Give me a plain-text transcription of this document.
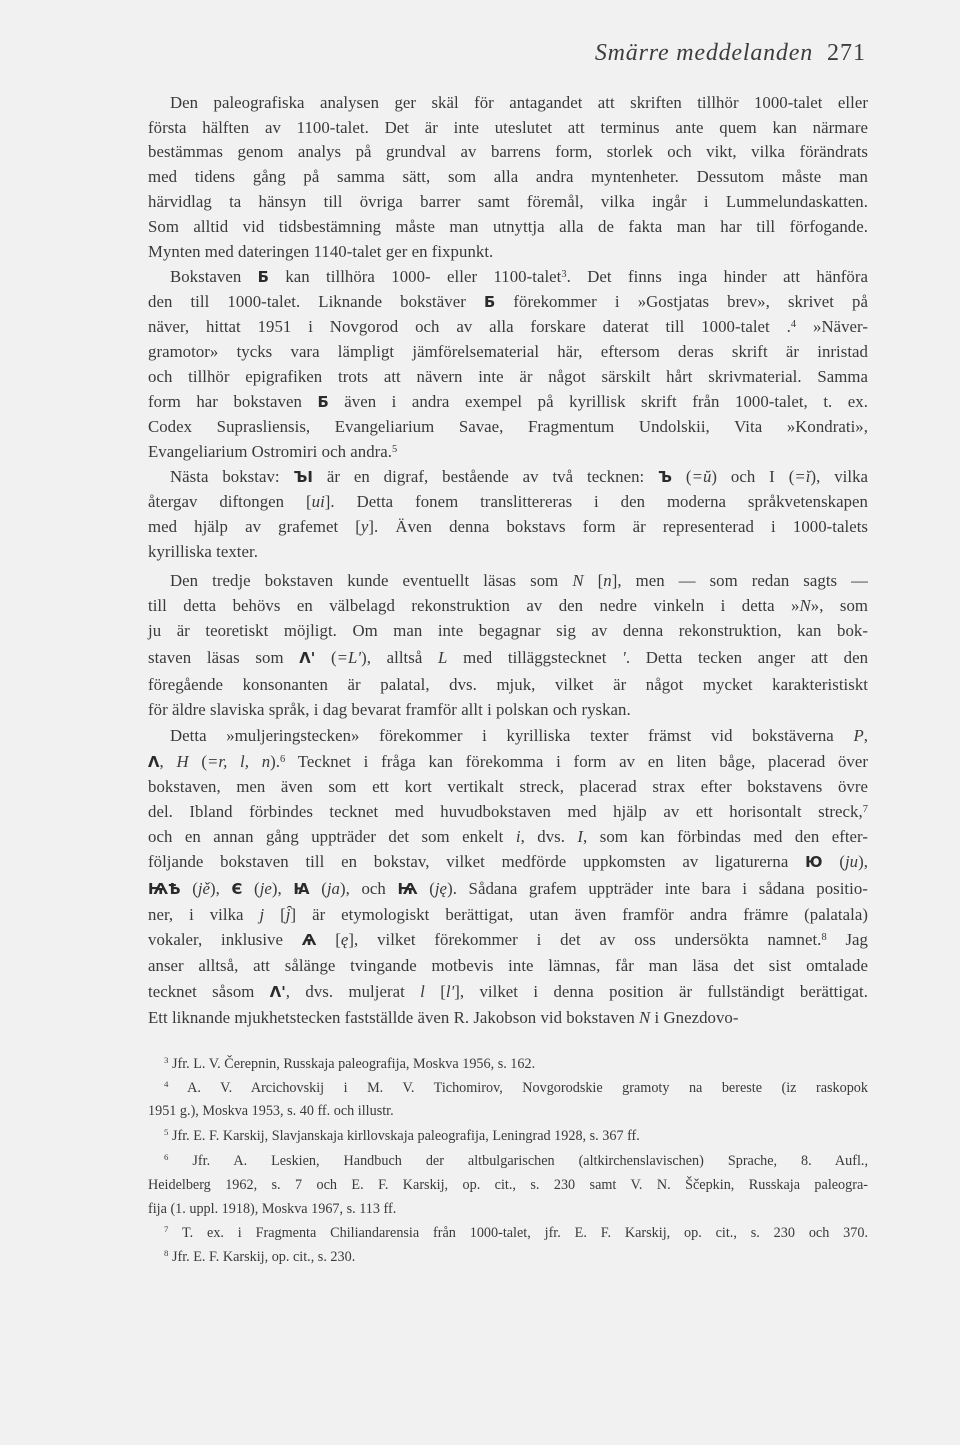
Smärre meddelanden 271
Den paleografiska analysen ger skäl för antagandet att skriften tillhör 1000-talet eller
första hälften av 1100-talet. Det är inte uteslutet att terminus ante quem kan närmare
bestämmas genom analys på grundval av barrens form, storlek och vikt, vilka förändrats
med tidens gång på samma sätt, som alla andra myntenheter. Dessutom måste man
härvidlag ta hänsyn till övriga barrer samt föremål, vilka ingår i Lummelundaskatten.
Som alltid vid tidsbestämning måste man utnyttja alla de fakta man har till förfogande.
Mynten med dateringen 1140-talet ger en fixpunkt.
Bokstaven Б kan tillhöra 1000- eller 1100-talet$^3$. Det finns inga hinder att hänföra
den till 1000-talet. Liknande bokstäver Б förekommer i »Gostjatas brev», skrivet på
näver, hittat 1951 i Novgorod och av alla forskare daterat till 1000-talet .$^4$ »Näver-
gramotor» tycks vara lämpligt jämförelsematerial här, eftersom deras skrift är inristad
och tillhör epigrafiken trots att nävern inte är något särskilt hårt skrivmaterial. Samma
form har bokstaven Б även i andra exempel på kyrillisk skrift från 1000-talet, t. ex.
Codex Suprasliensis, Evangeliarium Savae, Fragmentum Undolskii, Vita »Kondrati»,
Evangeliarium Ostromiri och andra.$^5$
Nästa bokstav: ЪІ är en digraf, bestående av två tecknen: Ъ (=ŭ) och I (=ĭ), vilka
återgav diftongen [ui]. Detta fonem translittereras i den moderna språkvetenskapen
med hjälp av grafemet [y]. Även denna bokstavs form är representerad i 1000-talets
kyrilliska texter.
Den tredje bokstaven kunde eventuellt läsas som N [n], men — som redan sagts —
till detta behövs en välbelagd rekonstruktion av den nedre vinkeln i detta »N», som
ju är teoretiskt möjligt. Om man inte begagnar sig av denna rekonstruktion, kan bok-
staven läsas som Λ' (=L'), alltså L med tilläggstecknet '. Detta tecken anger att den
föregående konsonanten är palatal, dvs. mjuk, vilket är något mycket karakteristiskt
för äldre slaviska språk, i dag bevarat framför allt i polskan och ryskan.
Detta »muljeringstecken» förekommer i kyrilliska texter främst vid bokstäverna P,
Λ, H (=r, l, n).$^6$ Tecknet i fråga kan förekomma i form av en liten båge, placerad över
bokstaven, men även som ett kort vertikalt streck, placerad strax efter bokstavens övre
del. Ibland förbindes tecknet med huvudbokstaven med hjälp av ett horisontalt streck,$^7$
och en annan gång uppträder det som enkelt i, dvs. I, som kan förbindas med den efter-
följande bokstaven till en bokstav, vilket medförde uppkomsten av ligaturerna Ю (ju),
ѨѢ (jě), Є (je), Ꙗ (ja), och Ѩ (ję). Sådana grafem uppträder inte bara i sådana positio-
ner, i vilka j [j̑] är etymologiskt berättigat, utan även framför andra främre (palatala)
vokaler, inklusive Ѧ [ę], vilket förekommer i det av oss undersökta namnet.$^8$ Jag
anser alltså, att sålänge tvingande motbevis inte lämnas, får man läsa det sist omtalade
tecknet såsom Λ', dvs. muljerat l [l'], vilket i denna position är fullständigt berättigat.
Ett liknande mjukhetstecken fastställde även R. Jakobson vid bokstaven N i Gnezdovo-
$^3$ Jfr. L. V. Čerepnin, Russkaja paleografija, Moskva 1956, s. 162.
$^4$ A. V. Arcichovskij i M. V. Tichomirov, Novgorodskie gramoty na bereste (iz raskopok
1951 g.), Moskva 1953, s. 40 ff. och illustr.
$^5$ Jfr. E. F. Karskij, Slavjanskaja kirllovskaja paleografija, Leningrad 1928, s. 367 ff.
$^6$ Jfr. A. Leskien, Handbuch der altbulgarischen (altkirchenslavischen) Sprache, 8. Aufl.,
Heidelberg 1962, s. 7 och E. F. Karskij, op. cit., s. 230 samt V. N. Ščepkin, Russkaja paleogra-
fija (1. uppl. 1918), Moskva 1967, s. 113 ff.
$^7$ T. ex. i Fragmenta Chiliandarensia från 1000-talet, jfr. E. F. Karskij, op. cit., s. 230 och 370.
$^8$ Jfr. E. F. Karskij, op. cit., s. 230.
